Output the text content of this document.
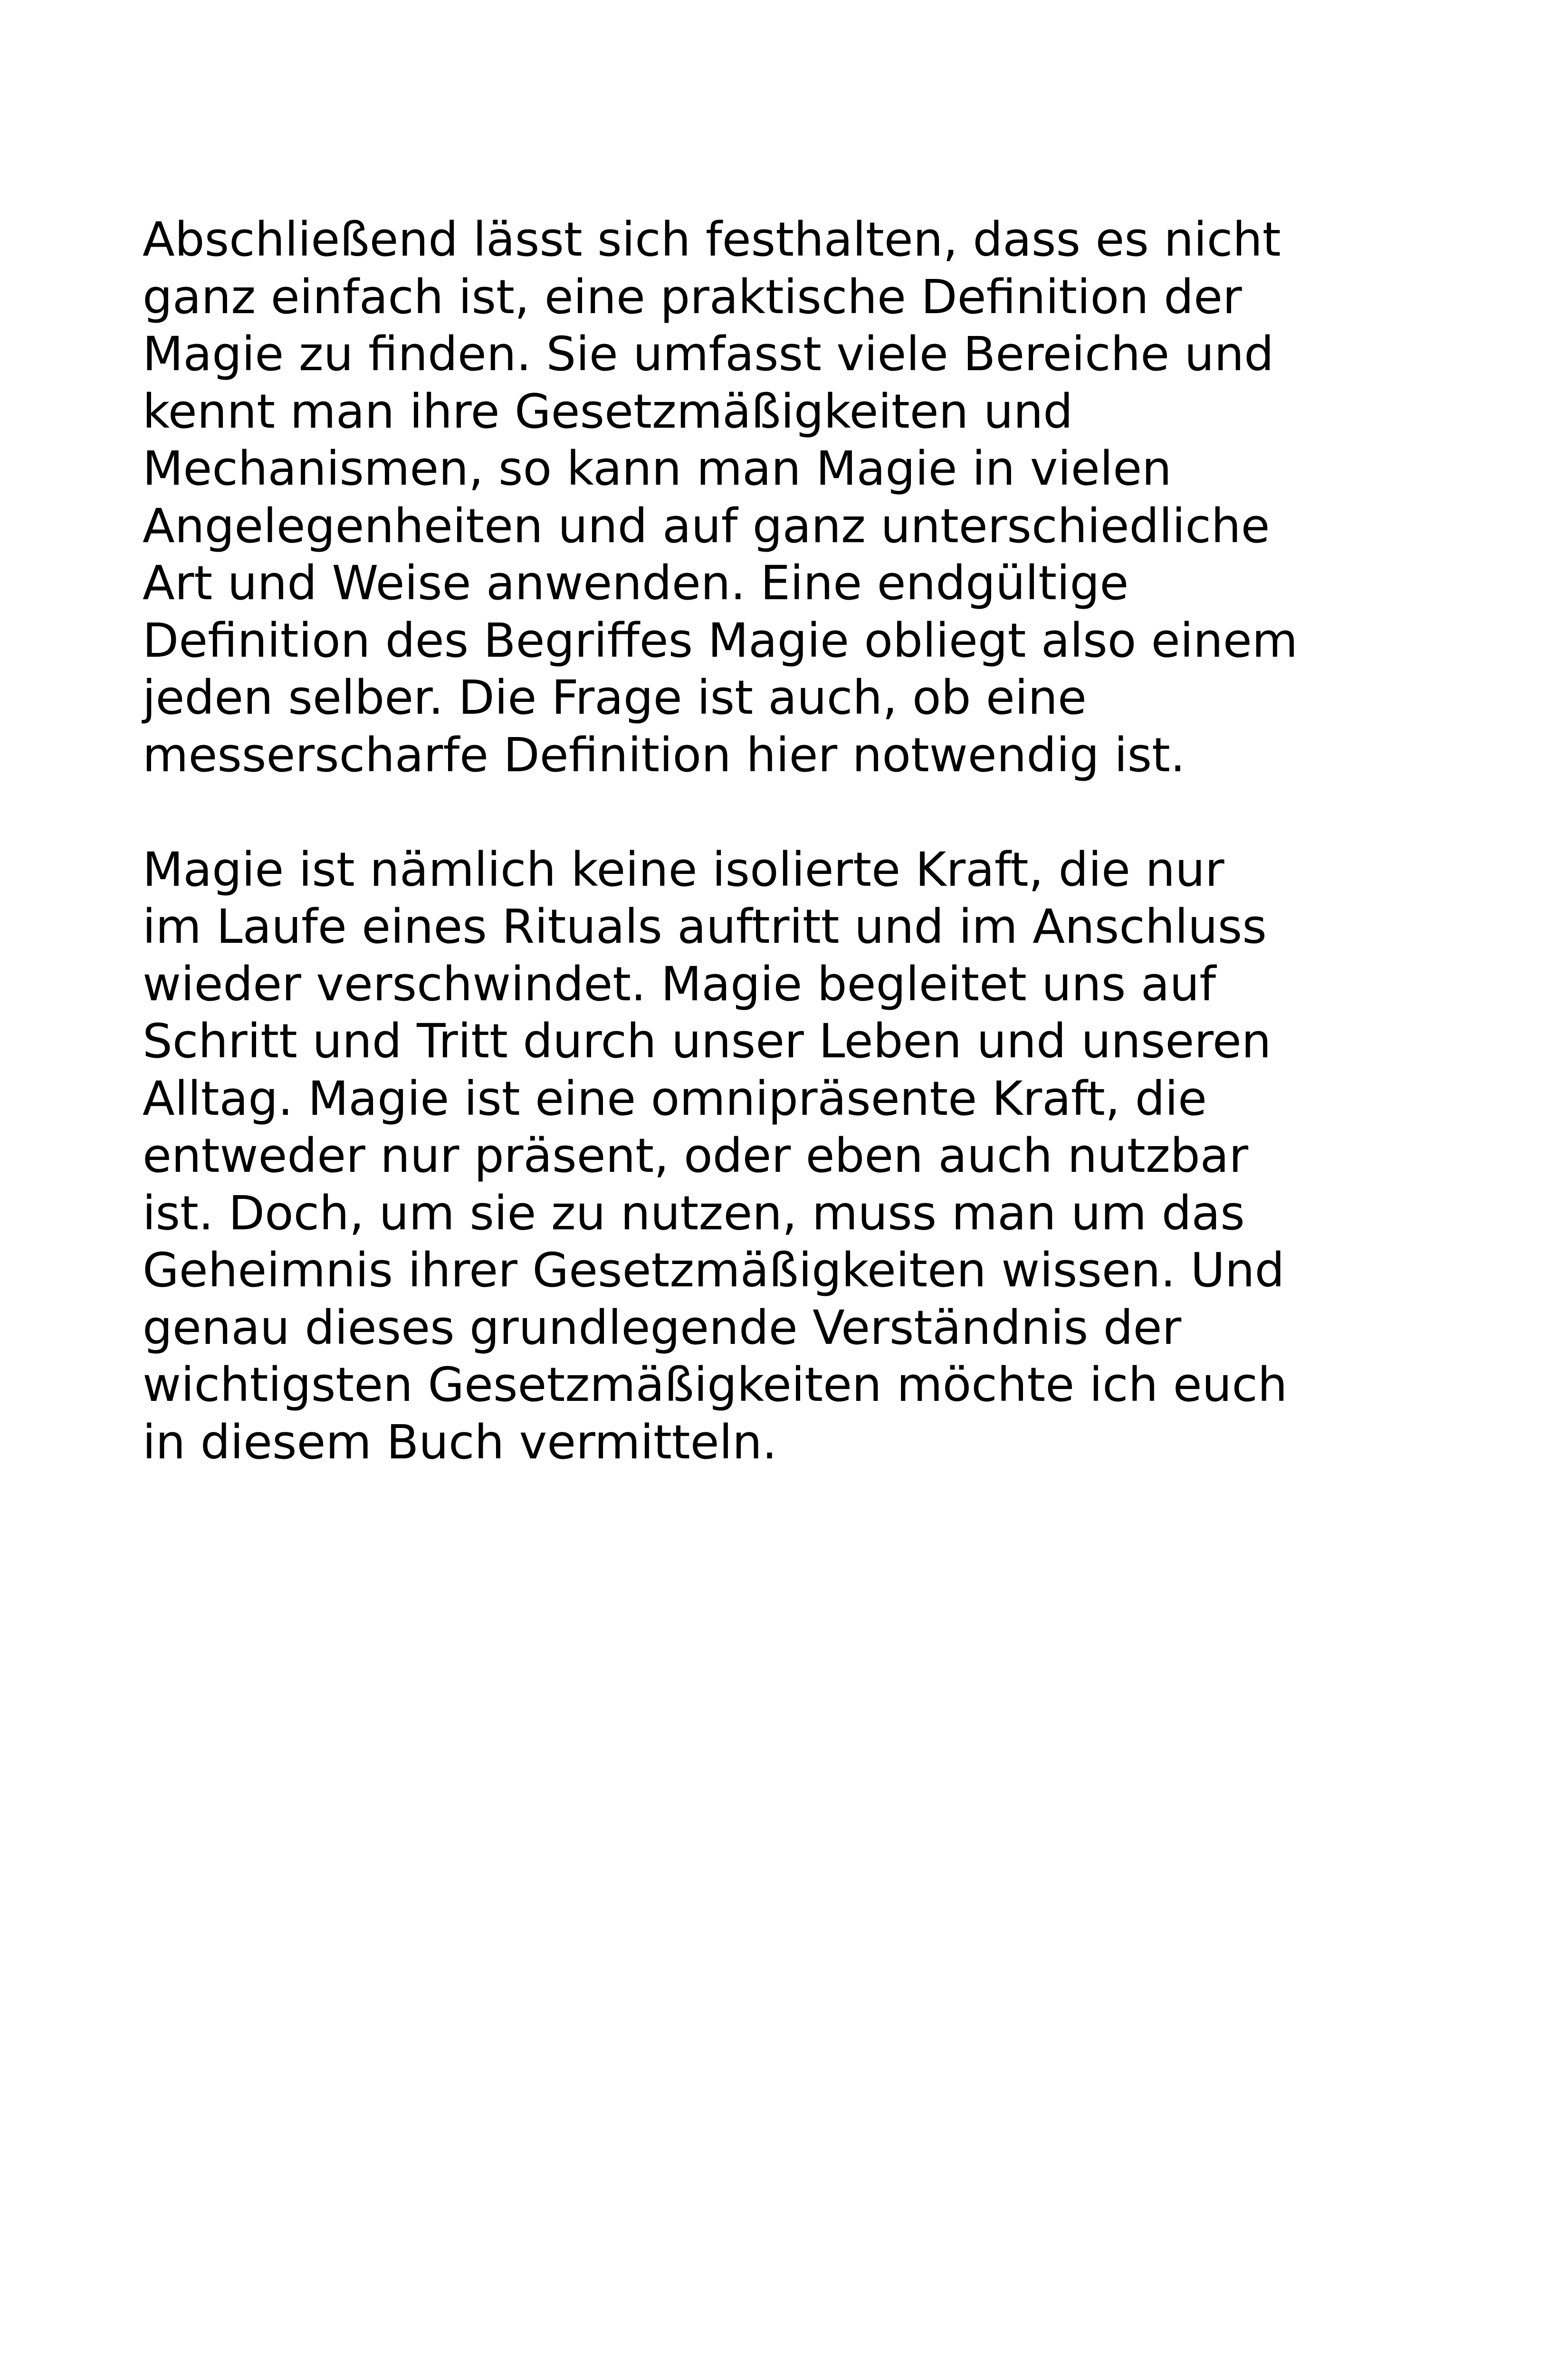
Abschließend lässt sich festhalten, dass es nicht
ganz einfach ist, eine praktische Definition der
Magie zu finden. Sie umfasst viele Bereiche und
kennt man ihre Gesetzmäßigkeiten und
Mechanismen, so kann man Magie in vielen
Angelegenheiten und auf ganz unterschiedliche
Art und Weise anwenden. Eine endgültige
Definition des Begriffes Magie obliegt also einem
jeden selber. Die Frage ist auch, ob eine
messerscharfe Definition hier notwendig ist.
Magie ist nämlich keine isolierte Kraft, die nur
im Laufe eines Rituals auftritt und im Anschluss
wieder verschwindet. Magie begleitet uns auf
Schritt und Tritt durch unser Leben und unseren
Alltag. Magie ist eine omnipräsente Kraft, die
entweder nur präsent, oder eben auch nutzbar
ist. Doch, um sie zu nutzen, muss man um das
Geheimnis ihrer Gesetzmäßigkeiten wissen. Und
genau dieses grundlegende Verständnis der
wichtigsten Gesetzmäßigkeiten möchte ich euch
in diesem Buch vermitteln.
